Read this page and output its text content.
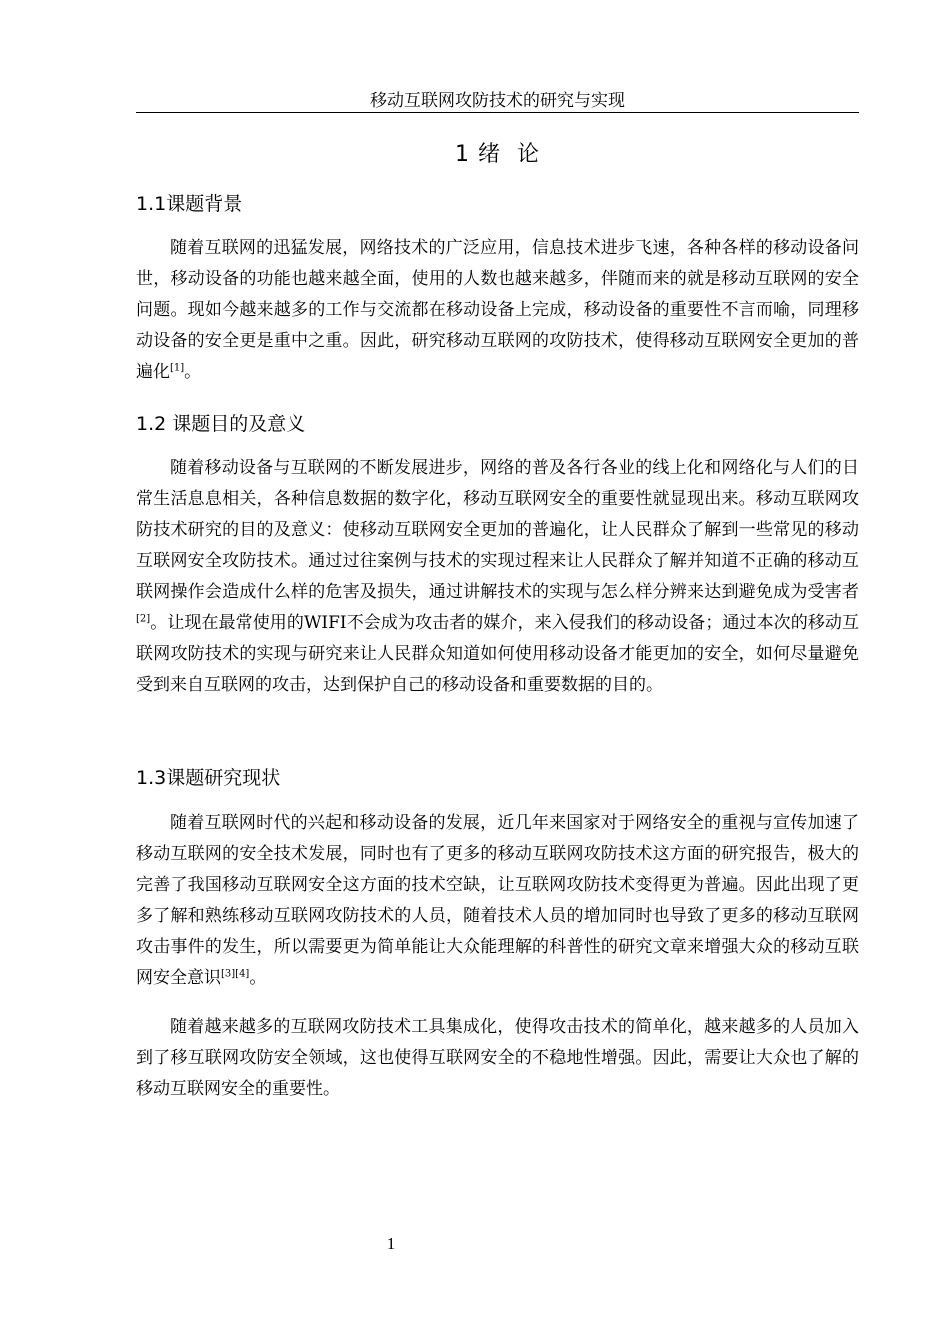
移动互联网攻防技术的研究与实现
1 绪  论
1.1课题背景

随着互联网的迅猛发展，网络技术的广泛应用，信息技术进步飞速，各种各样的移动设备问世，移动设备的功能也越来越全面，使用的人数也越来越多，伴随而来的就是移动互联网的安全问题。现如今越来越多的工作与交流都在移动设备上完成，移动设备的重要性不言而喻，同理移动设备的安全更是重中之重。因此，研究移动互联网的攻防技术，使得移动互联网安全更加的普遍化[1]。

1.2 课题目的及意义

随着移动设备与互联网的不断发展进步，网络的普及各行各业的线上化和网络化与人们的日常生活息息相关，各种信息数据的数字化，移动互联网安全的重要性就显现出来。移动互联网攻防技术研究的目的及意义：使移动互联网安全更加的普遍化，让人民群众了解到一些常见的移动互联网安全攻防技术。通过过往案例与技术的实现过程来让人民群众了解并知道不正确的移动互联网操作会造成什么样的危害及损失，通过讲解技术的实现与怎么样分辨来达到避免成为受害者[2]。让现在最常使用的WIFI不会成为攻击者的媒介，来入侵我们的移动设备；通过本次的移动互联网攻防技术的实现与研究来让人民群众知道如何使用移动设备才能更加的安全，如何尽量避免受到来自互联网的攻击，达到保护自己的移动设备和重要数据的目的。

1.3课题研究现状

随着互联网时代的兴起和移动设备的发展，近几年来国家对于网络安全的重视与宣传加速了移动互联网的安全技术发展，同时也有了更多的移动互联网攻防技术这方面的研究报告，极大的完善了我国移动互联网安全这方面的技术空缺，让互联网攻防技术变得更为普遍。因此出现了更多了解和熟练移动互联网攻防技术的人员，随着技术人员的增加同时也导致了更多的移动互联网攻击事件的发生，所以需要更为简单能让大众能理解的科普性的研究文章来增强大众的移动互联网安全意识[3][4]。

随着越来越多的互联网攻防技术工具集成化，使得攻击技术的简单化，越来越多的人员加入到了移互联网攻防安全领域，这也使得互联网安全的不稳地性增强。因此，需要让大众也了解的移动互联网安全的重要性。

1
